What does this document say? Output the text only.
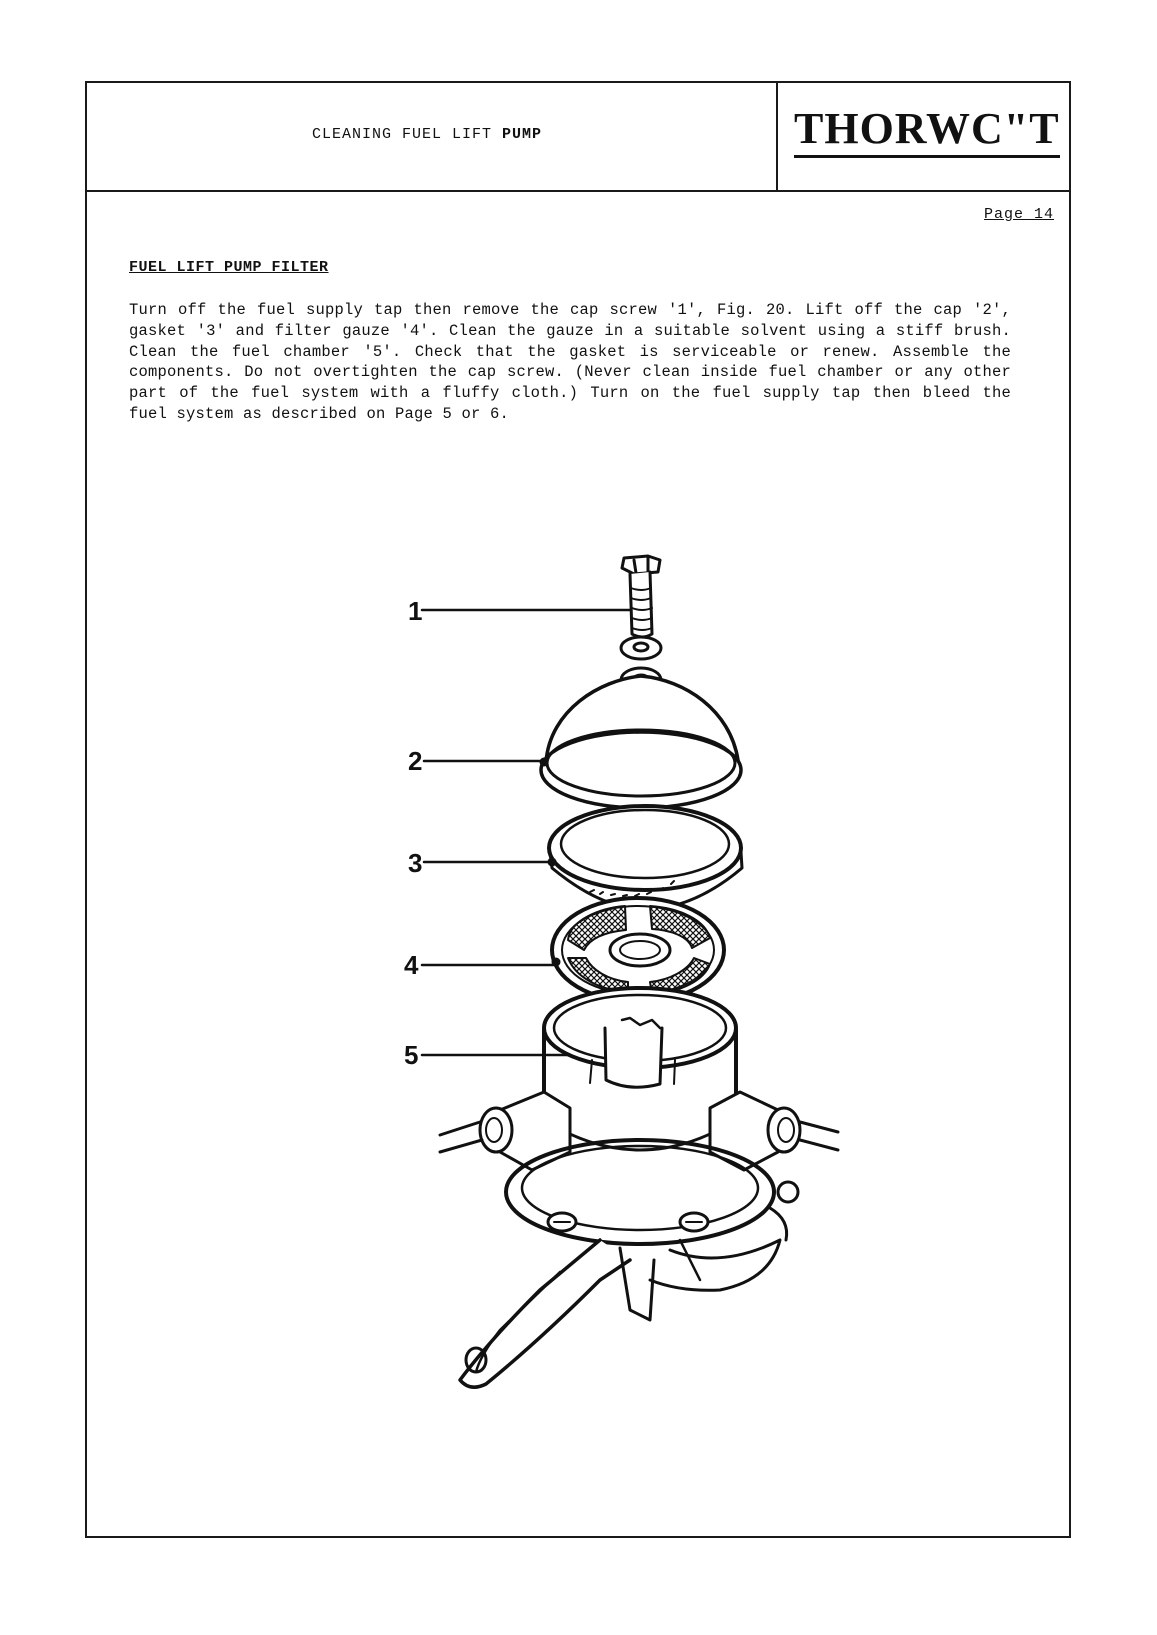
CLEANING FUEL LIFT PUMP	THORWC"T
Page 14
FUEL LIFT PUMP FILTER
Turn off the fuel supply tap then remove the cap screw '1', Fig. 20. Lift off the cap '2', gasket '3' and filter gauze '4'. Clean the gauze in a suitable solvent using a stiff brush. Clean the fuel chamber '5'. Check that the gasket is serviceable or renew. Assemble the components. Do not overtighten the cap screw. (Never clean inside fuel chamber or any other part of the fuel system with a fluffy cloth.) Turn on the fuel supply tap then bleed the fuel system as described on Page 5 or 6.
1
2
3
4
5
